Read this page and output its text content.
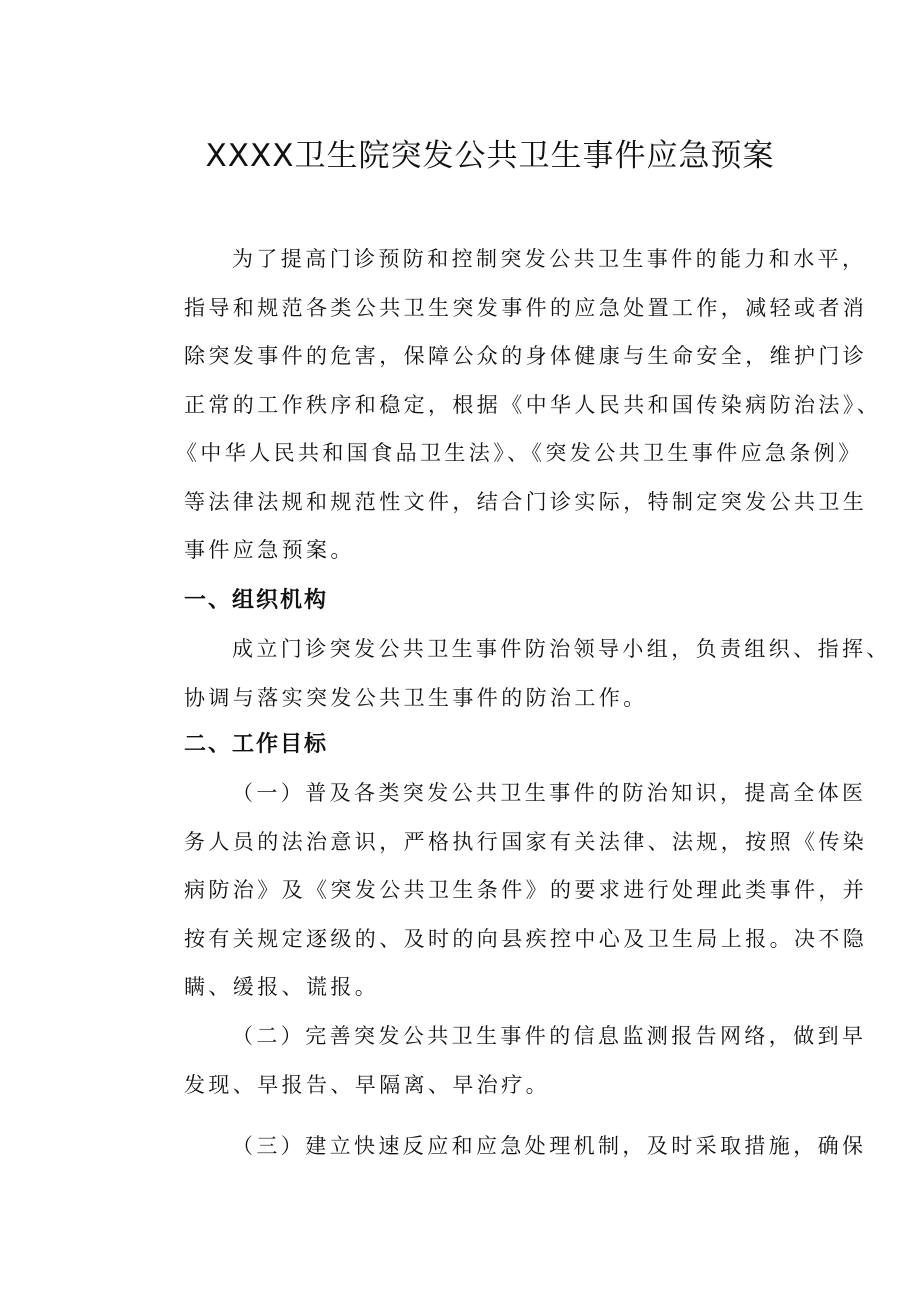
XXXX卫生院突发公共卫生事件应急预案
为了提高门诊预防和控制突发公共卫生事件的能力和水平，
指导和规范各类公共卫生突发事件的应急处置工作，减轻或者消
除突发事件的危害，保障公众的身体健康与生命安全，维护门诊
正常的工作秩序和稳定，根据《中华人民共和国传染病防治法》、
《中华人民共和国食品卫生法》、《突发公共卫生事件应急条例》
等法律法规和规范性文件，结合门诊实际，特制定突发公共卫生
事件应急预案。
一、组织机构
成立门诊突发公共卫生事件防治领导小组，负责组织、指挥、
协调与落实突发公共卫生事件的防治工作。
二、工作目标
（一）普及各类突发公共卫生事件的防治知识，提高全体医
务人员的法治意识，严格执行国家有关法律、法规，按照《传染
病防治》及《突发公共卫生条件》的要求进行处理此类事件，并
按有关规定逐级的、及时的向县疾控中心及卫生局上报。决不隐
瞒、缓报、谎报。
（二）完善突发公共卫生事件的信息监测报告网络，做到早
发现、早报告、早隔离、早治疗。
（三）建立快速反应和应急处理机制，及时采取措施，确保
